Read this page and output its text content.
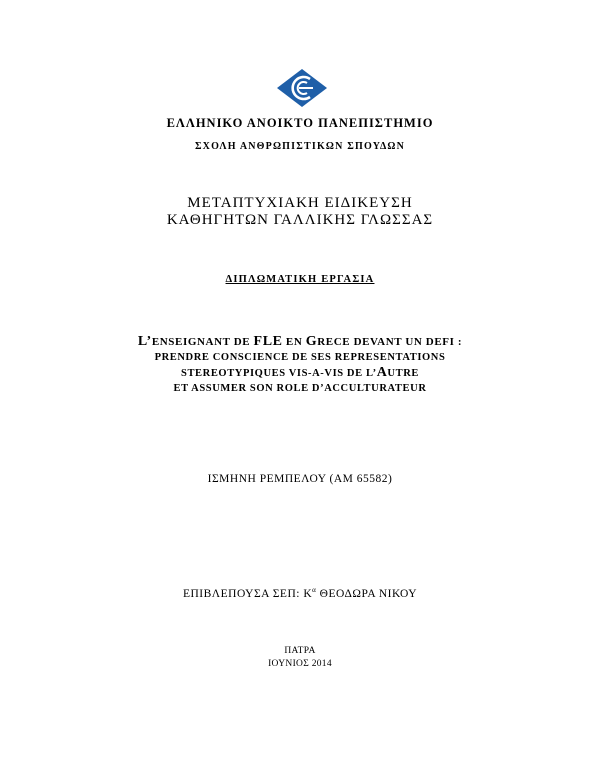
ΕΛΛΗΝΙΚΟ ΑΝΟΙΚΤΟ ΠΑΝΕΠΙΣΤΗΜΙΟ
ΣΧΟΛΗ ΑΝΘΡΩΠΙΣΤΙΚΩΝ ΣΠΟΥΔΩΝ
ΜΕΤΑΠΤΥΧΙΑΚΗ ΕΙΔΙΚΕΥΣΗ
ΚΑΘΗΓΗΤΩΝ ΓΑΛΛΙΚΗΣ ΓΛΩΣΣΑΣ
ΔΙΠΛΩΜΑΤΙΚΗ ΕΡΓΑΣΙΑ
L’ENSEIGNANT DE FLE EN GRECE DEVANT UN DEFI :
PRENDRE CONSCIENCE DE SES REPRESENTATIONS
STEREOTYPIQUES VIS-A-VIS DE L’AUTRE
ET ASSUMER SON ROLE D’ACCULTURATEUR
ΙΣΜΗΝΗ ΡΕΜΠΕΛΟΥ (ΑΜ 65582)
ΕΠΙΒΛΕΠΟΥΣΑ ΣΕΠ: $K^\alpha$ ΘΕΟΔΩΡΑ ΝΙΚΟΥ
ΠΑΤΡΑ
ΙΟΥΝΙΟΣ 2014
